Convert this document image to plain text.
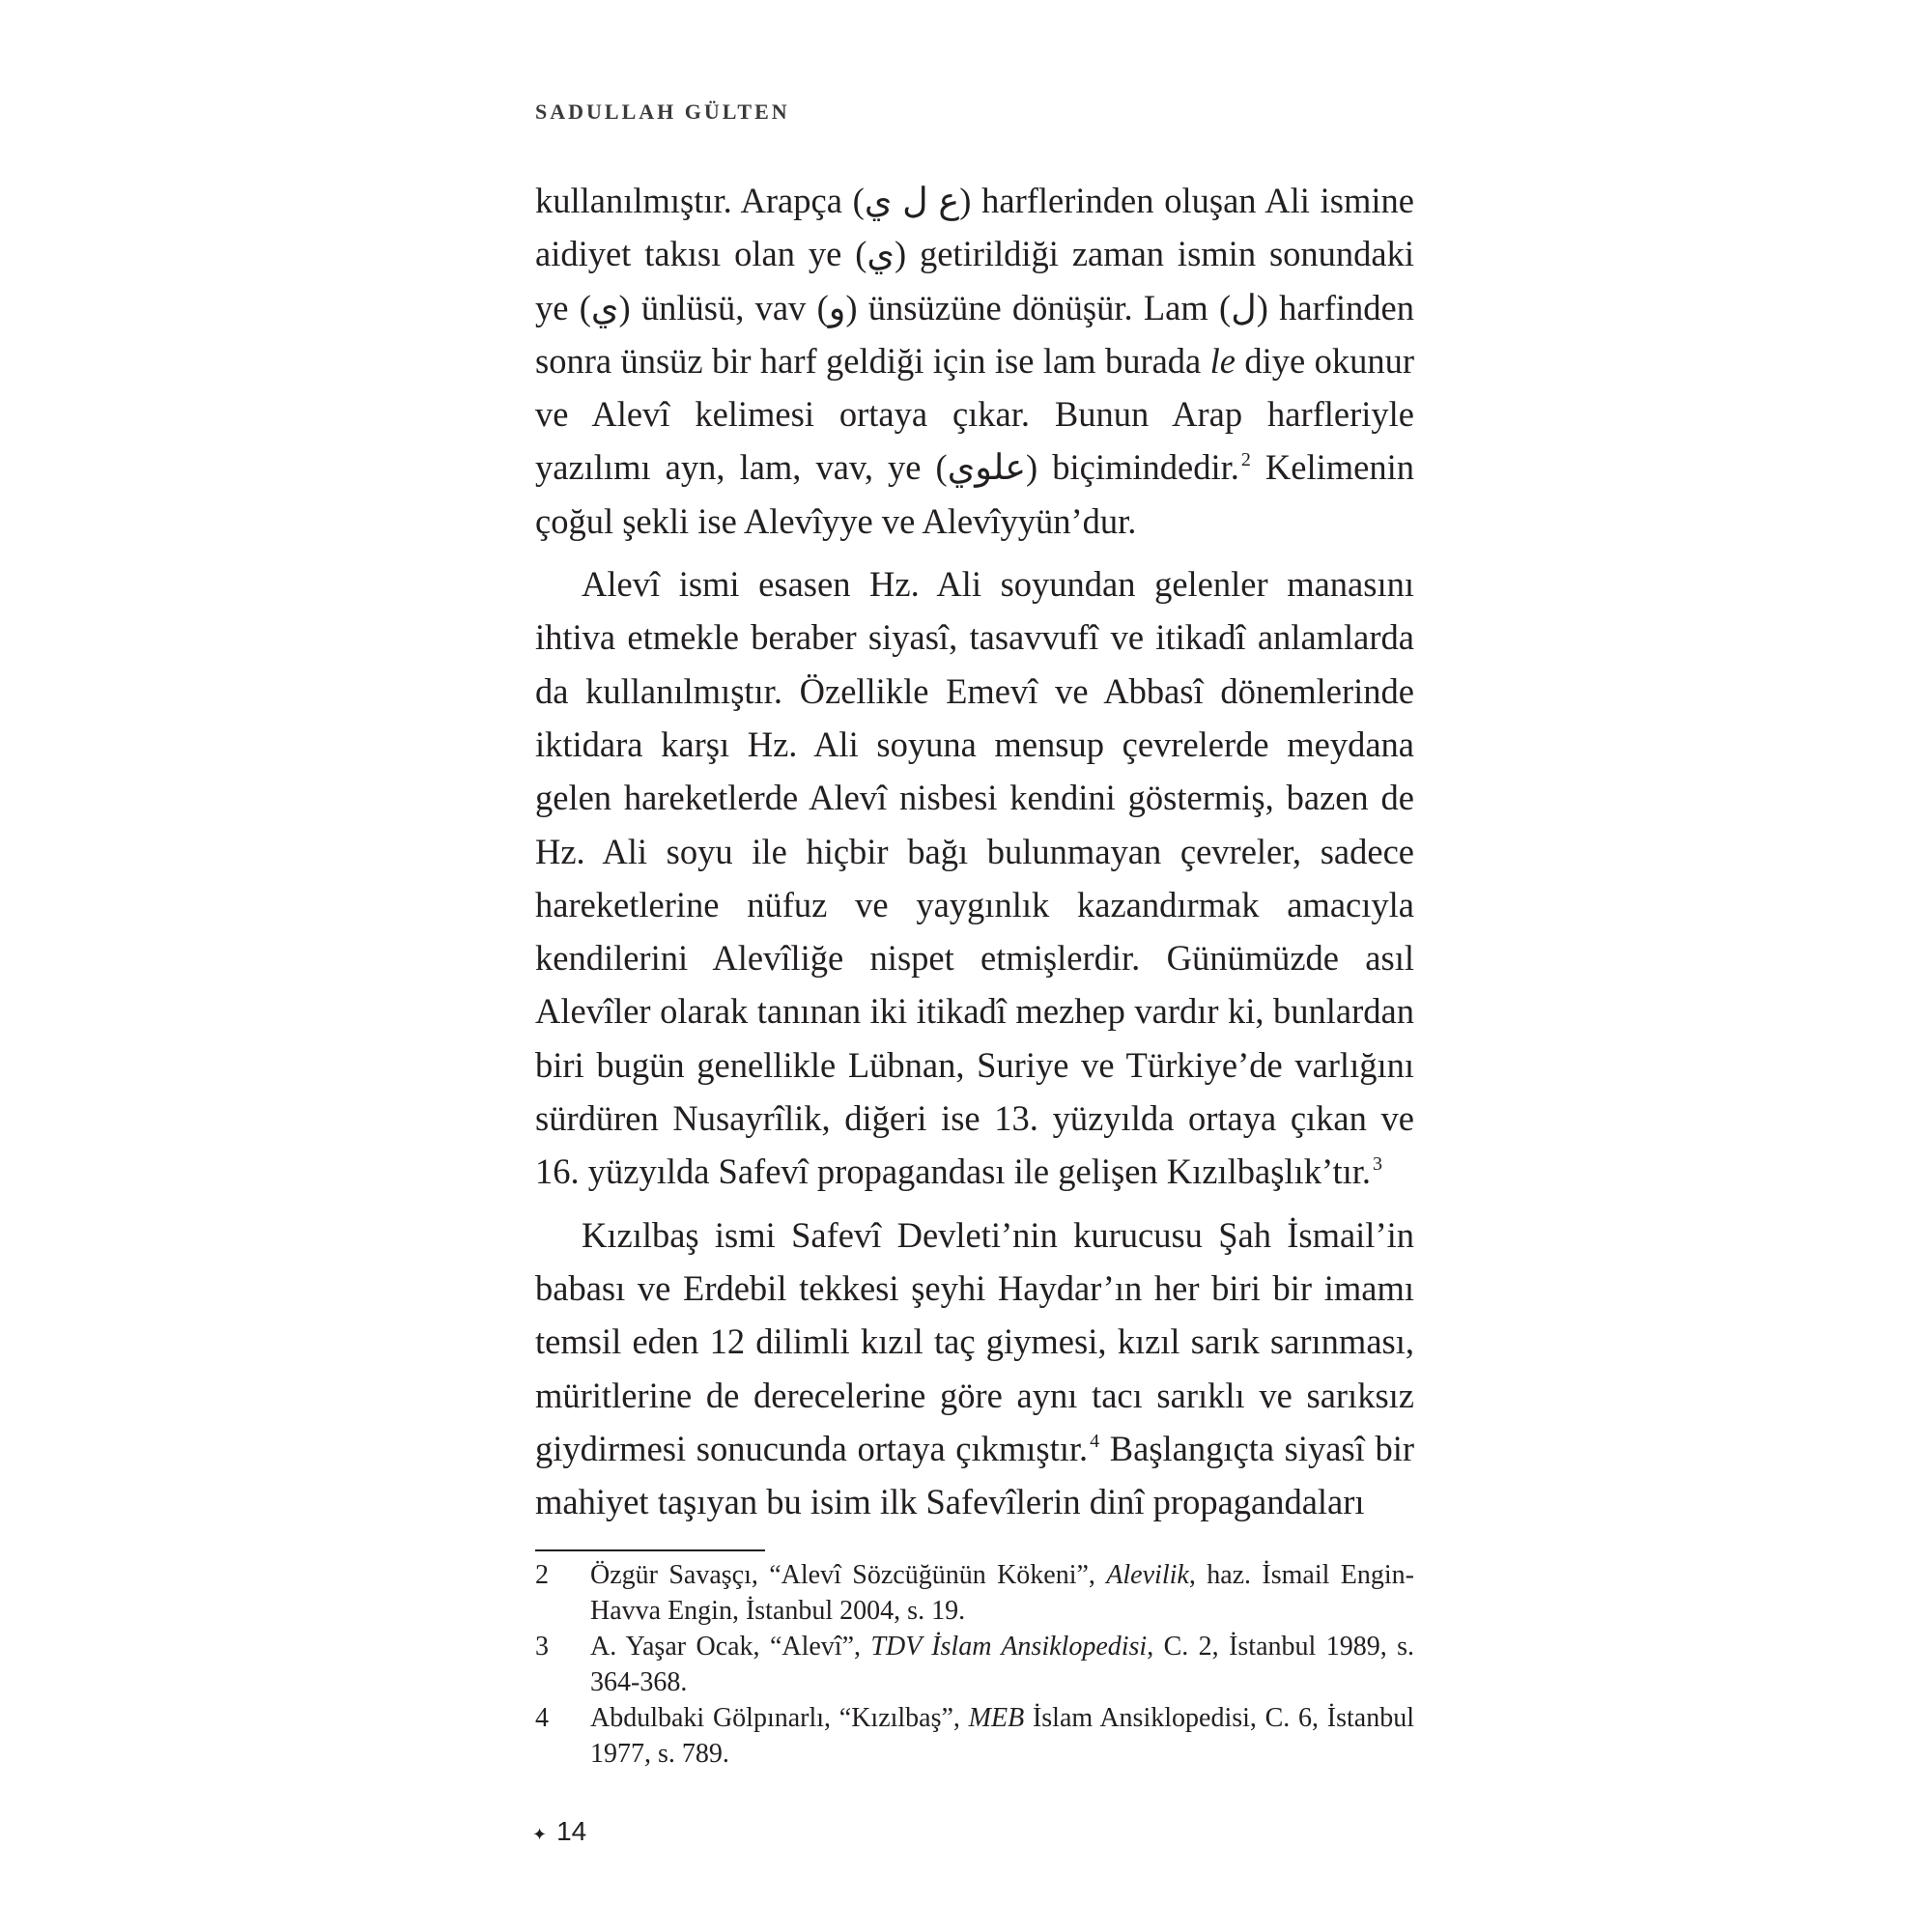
SADULLAH GÜLTEN

kullanılmıştır. Arapça (ع ل ي) harflerinden oluşan Ali ismine aidiyet takısı olan ye (ي) getirildiği zaman ismin sonundaki ye (ي) ünlüsü, vav (و) ünsüzüne dönüşür. Lam (ل) harfinden sonra ünsüz bir harf geldiği için ise lam burada le diye okunur ve Alevî kelimesi ortaya çıkar. Bunun Arap harfleriyle yazılımı ayn, lam, vav, ye (علوي) biçimindedir. $^2$ Kelimenin çoğul şekli ise Alevîyye ve Alevîyyün’dur.

Alevî ismi esasen Hz. Ali soyundan gelenler manasını ihtiva etmekle beraber siyasî, tasavvufî ve itikadî anlamlarda da kullanılmıştır. Özellikle Emevî ve Abbasî dönemlerinde iktidara karşı Hz. Ali soyuna mensup çevrelerde meydana gelen hareketlerde Alevî nisbesi kendini göstermiş, bazen de Hz. Ali soyu ile hiçbir bağı bulunmayan çevreler, sadece hareketlerine nüfuz ve yaygınlık kazandırmak amacıyla kendilerini Alevîliğe nispet etmişlerdir. Günümüzde asıl Alevîler olarak tanınan iki itikadî mezhep vardır ki, bunlardan biri bugün genellikle Lübnan, Suriye ve Türkiye’de varlığını sürdüren Nusayrîlik, diğeri ise 13. yüzyılda ortaya çıkan ve 16. yüzyılda Safevî propagandası ile gelişen Kızılbaşlık’tır. $^3$

Kızılbaş ismi Safevî Devleti’nin kurucusu Şah İsmail’in babası ve Erdebil tekkesi şeyhi Haydar’ın her biri bir imamı temsil eden 12 dilimli kızıl taç giymesi, kızıl sarık sarınması, müritlerine de derecelerine göre aynı tacı sarıklı ve sarıksız giydirmesi sonucunda ortaya çıkmıştır. $^4$ Başlangıçta siyasî bir mahiyet taşıyan bu isim ilk Safevîlerin dinî propagandaları

2	Özgür Savaşçı, “Alevî Sözcüğünün Kökeni”, Alevilik, haz. İsmail Engin-Havva Engin, İstanbul 2004, s. 19.
3	A. Yaşar Ocak, “Alevî”, TDV İslam Ansiklopedisi, C. 2, İstanbul 1989, s. 364-368.
4	Abdulbaki Gölpınarlı, “Kızılbaş”, MEB İslam Ansiklopedisi, C. 6, İstanbul 1977, s. 789.
✦ 14
